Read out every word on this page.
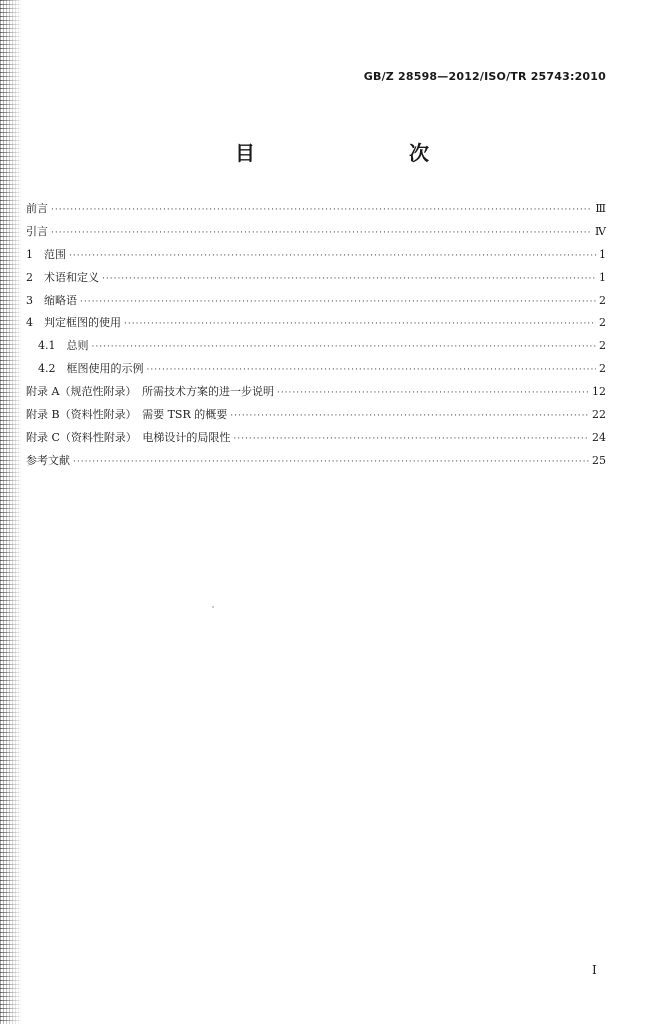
GB/Z 28598—2012/ISO/TR 25743:2010
目　　次
前言 ·····	Ⅲ
引言 ·····	Ⅳ
1　范围 ·····	1
2　术语和定义 ·····	1
3　缩略语 ·····	2
4　判定框图的使用 ·····	2
4.1　总则 ·····	2
4.2　框图使用的示例 ·····	2
附录 A（规范性附录）　所需技术方案的进一步说明 ·····	12
附录 B（资料性附录）　需要 TSR 的概要 ·····	22
附录 C（资料性附录）　电梯设计的局限性 ·····	24
参考文献 ·····	25
Ⅰ
